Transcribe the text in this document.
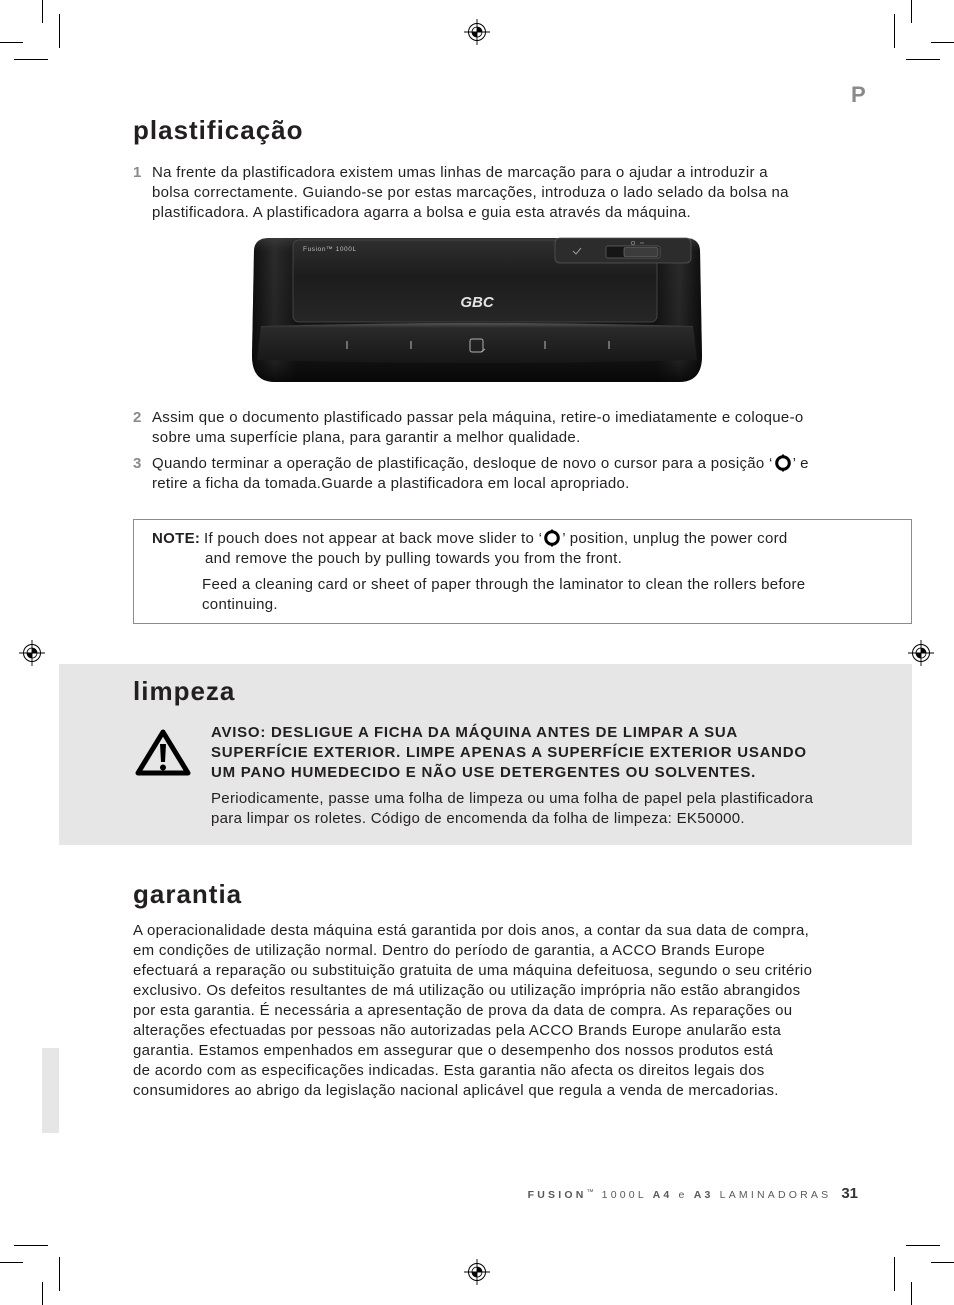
P
plastificação
1 Na frente da plastificadora existem umas linhas de marcação para o ajudar a introduzir a
bolsa correctamente. Guiando-se por estas marcações, introduza o lado selado da bolsa na
plastificadora. A plastificadora agarra a bolsa e guia esta através da máquina.
Fusion™ 1000L
GBC
2 Assim que o documento plastificado passar pela máquina, retire-o imediatamente e coloque-o
sobre uma superfície plana, para garantir a melhor qualidade.
3 Quando terminar a operação de plastificação, desloque de novo o cursor para a posição ‘ ’ e
retire a ficha da tomada.Guarde a plastificadora em local apropriado.
NOTE: If pouch does not appear at back move slider to ‘ ’ position, unplug the power cord
and remove the pouch by pulling towards you from the front.
Feed a cleaning card or sheet of paper through the laminator to clean the rollers before
continuing.
limpeza
AVISO: DESLIGUE A FICHA DA MÁQUINA ANTES DE LIMPAR A SUA
SUPERFÍCIE EXTERIOR. LIMPE APENAS A SUPERFÍCIE EXTERIOR USANDO
UM PANO HUMEDECIDO E NÃO USE DETERGENTES OU SOLVENTES.
Periodicamente, passe uma folha de limpeza ou uma folha de papel pela plastificadora
para limpar os roletes. Código de encomenda da folha de limpeza: EK50000.
garantia
A operacionalidade desta máquina está garantida por dois anos, a contar da sua data de compra,
em condições de utilização normal. Dentro do período de garantia, a ACCO Brands Europe
efectuará a reparação ou substituição gratuita de uma máquina defeituosa, segundo o seu critério
exclusivo. Os defeitos resultantes de má utilização ou utilização imprópria não estão abrangidos
por esta garantia. É necessária a apresentação de prova da data de compra. As reparações ou
alterações efectuadas por pessoas não autorizadas pela ACCO Brands Europe anularão esta
garantia. Estamos empenhados em assegurar que o desempenho dos nossos produtos está
de acordo com as especificações indicadas. Esta garantia não afecta os direitos legais dos
consumidores ao abrigo da legislação nacional aplicável que regula a venda de mercadorias.
FUSION™ 1000L A4 e A3 LAMINADORAS 31
